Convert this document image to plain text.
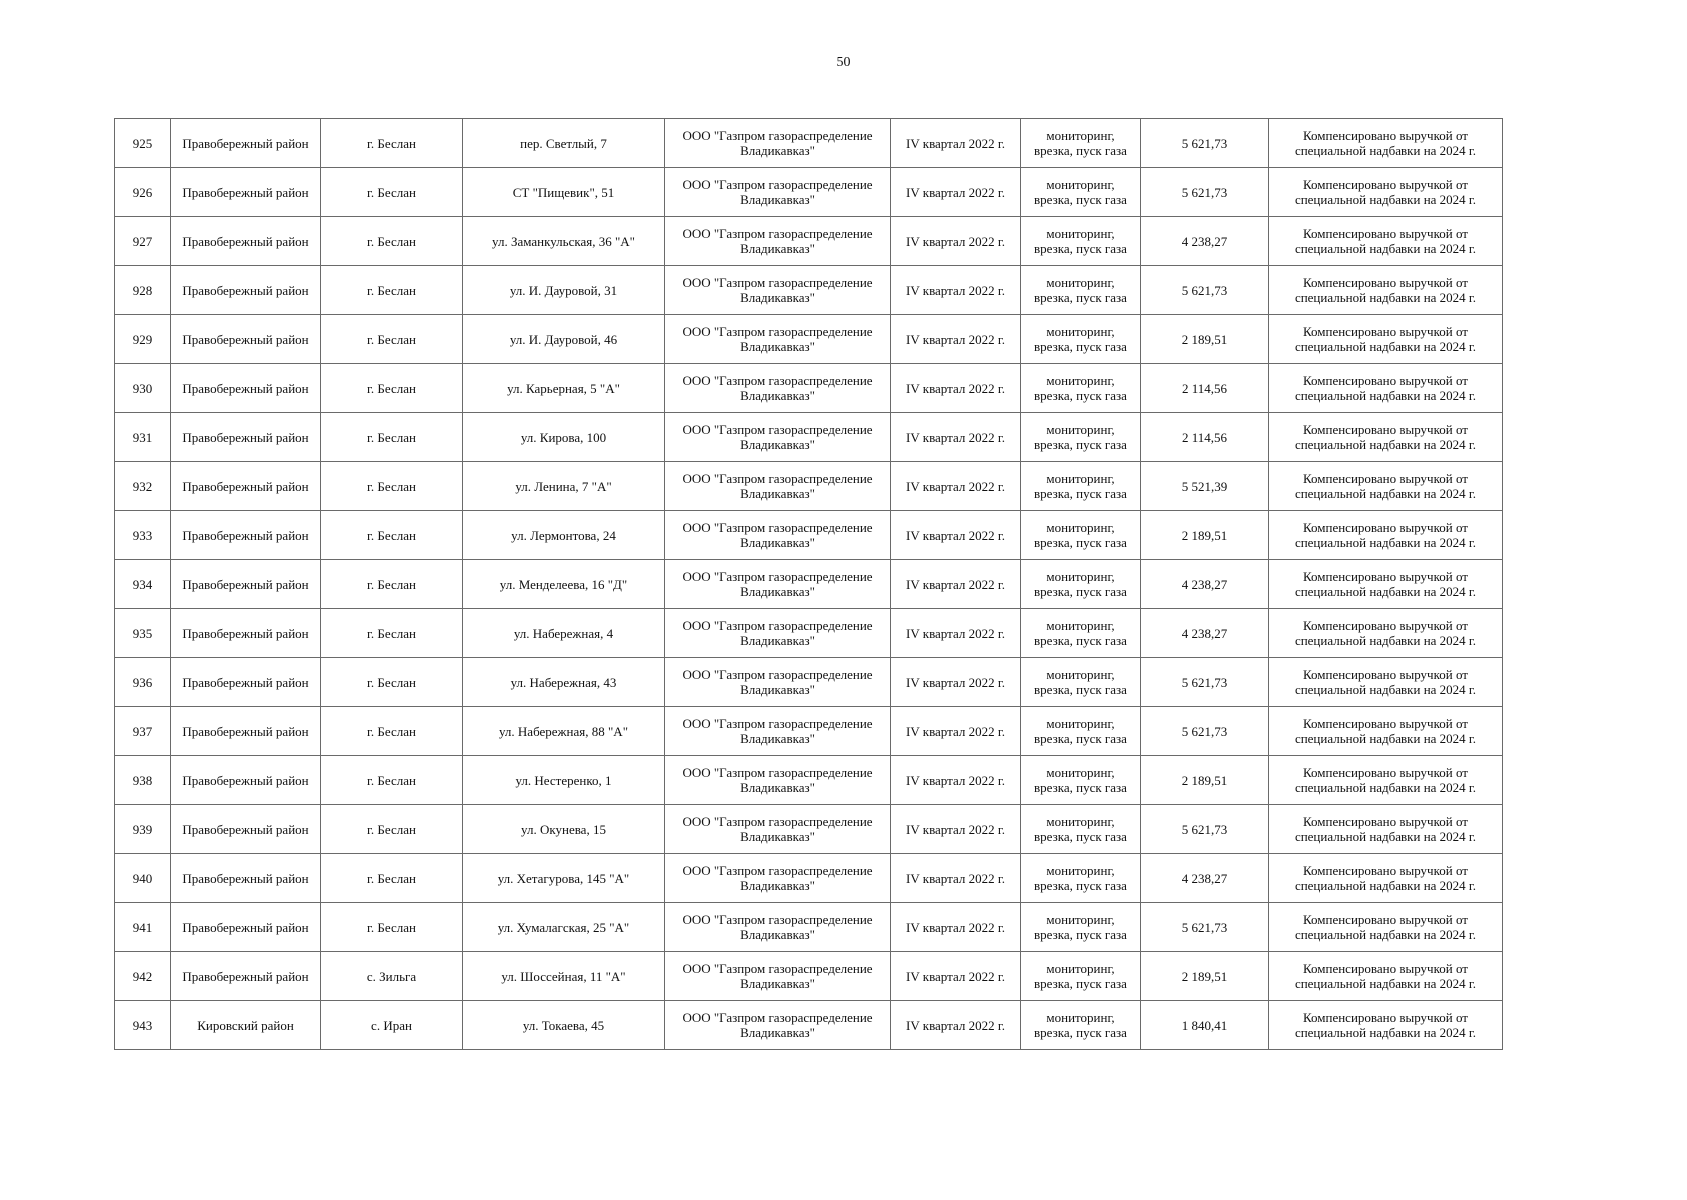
50
925	Правобережный район	г. Беслан	пер. Светлый, 7	ООО "Газпром газораспределение
Владикавказ"	IV квартал 2022 г.	мониторинг,
врезка, пуск газа	5 621,73	Компенсировано выручкой от
специальной надбавки на 2024 г.
926	Правобережный район	г. Беслан	СТ "Пищевик", 51	ООО "Газпром газораспределение
Владикавказ"	IV квартал 2022 г.	мониторинг,
врезка, пуск газа	5 621,73	Компенсировано выручкой от
специальной надбавки на 2024 г.
927	Правобережный район	г. Беслан	ул. Заманкульская, 36 "А"	ООО "Газпром газораспределение
Владикавказ"	IV квартал 2022 г.	мониторинг,
врезка, пуск газа	4 238,27	Компенсировано выручкой от
специальной надбавки на 2024 г.
928	Правобережный район	г. Беслан	ул. И. Дауровой, 31	ООО "Газпром газораспределение
Владикавказ"	IV квартал 2022 г.	мониторинг,
врезка, пуск газа	5 621,73	Компенсировано выручкой от
специальной надбавки на 2024 г.
929	Правобережный район	г. Беслан	ул. И. Дауровой, 46	ООО "Газпром газораспределение
Владикавказ"	IV квартал 2022 г.	мониторинг,
врезка, пуск газа	2 189,51	Компенсировано выручкой от
специальной надбавки на 2024 г.
930	Правобережный район	г. Беслан	ул. Карьерная, 5 "А"	ООО "Газпром газораспределение
Владикавказ"	IV квартал 2022 г.	мониторинг,
врезка, пуск газа	2 114,56	Компенсировано выручкой от
специальной надбавки на 2024 г.
931	Правобережный район	г. Беслан	ул. Кирова, 100	ООО "Газпром газораспределение
Владикавказ"	IV квартал 2022 г.	мониторинг,
врезка, пуск газа	2 114,56	Компенсировано выручкой от
специальной надбавки на 2024 г.
932	Правобережный район	г. Беслан	ул. Ленина, 7 "А"	ООО "Газпром газораспределение
Владикавказ"	IV квартал 2022 г.	мониторинг,
врезка, пуск газа	5 521,39	Компенсировано выручкой от
специальной надбавки на 2024 г.
933	Правобережный район	г. Беслан	ул. Лермонтова, 24	ООО "Газпром газораспределение
Владикавказ"	IV квартал 2022 г.	мониторинг,
врезка, пуск газа	2 189,51	Компенсировано выручкой от
специальной надбавки на 2024 г.
934	Правобережный район	г. Беслан	ул. Менделеева, 16 "Д"	ООО "Газпром газораспределение
Владикавказ"	IV квартал 2022 г.	мониторинг,
врезка, пуск газа	4 238,27	Компенсировано выручкой от
специальной надбавки на 2024 г.
935	Правобережный район	г. Беслан	ул. Набережная, 4	ООО "Газпром газораспределение
Владикавказ"	IV квартал 2022 г.	мониторинг,
врезка, пуск газа	4 238,27	Компенсировано выручкой от
специальной надбавки на 2024 г.
936	Правобережный район	г. Беслан	ул. Набережная, 43	ООО "Газпром газораспределение
Владикавказ"	IV квартал 2022 г.	мониторинг,
врезка, пуск газа	5 621,73	Компенсировано выручкой от
специальной надбавки на 2024 г.
937	Правобережный район	г. Беслан	ул. Набережная, 88 "А"	ООО "Газпром газораспределение
Владикавказ"	IV квартал 2022 г.	мониторинг,
врезка, пуск газа	5 621,73	Компенсировано выручкой от
специальной надбавки на 2024 г.
938	Правобережный район	г. Беслан	ул. Нестеренко, 1	ООО "Газпром газораспределение
Владикавказ"	IV квартал 2022 г.	мониторинг,
врезка, пуск газа	2 189,51	Компенсировано выручкой от
специальной надбавки на 2024 г.
939	Правобережный район	г. Беслан	ул. Окунева, 15	ООО "Газпром газораспределение
Владикавказ"	IV квартал 2022 г.	мониторинг,
врезка, пуск газа	5 621,73	Компенсировано выручкой от
специальной надбавки на 2024 г.
940	Правобережный район	г. Беслан	ул. Хетагурова, 145 "А"	ООО "Газпром газораспределение
Владикавказ"	IV квартал 2022 г.	мониторинг,
врезка, пуск газа	4 238,27	Компенсировано выручкой от
специальной надбавки на 2024 г.
941	Правобережный район	г. Беслан	ул. Хумалагская, 25 "А"	ООО "Газпром газораспределение
Владикавказ"	IV квартал 2022 г.	мониторинг,
врезка, пуск газа	5 621,73	Компенсировано выручкой от
специальной надбавки на 2024 г.
942	Правобережный район	с. Зильга	ул. Шоссейная, 11 "А"	ООО "Газпром газораспределение
Владикавказ"	IV квартал 2022 г.	мониторинг,
врезка, пуск газа	2 189,51	Компенсировано выручкой от
специальной надбавки на 2024 г.
943	Кировский район	с. Иран	ул. Токаева, 45	ООО "Газпром газораспределение
Владикавказ"	IV квартал 2022 г.	мониторинг,
врезка, пуск газа	1 840,41	Компенсировано выручкой от
специальной надбавки на 2024 г.
